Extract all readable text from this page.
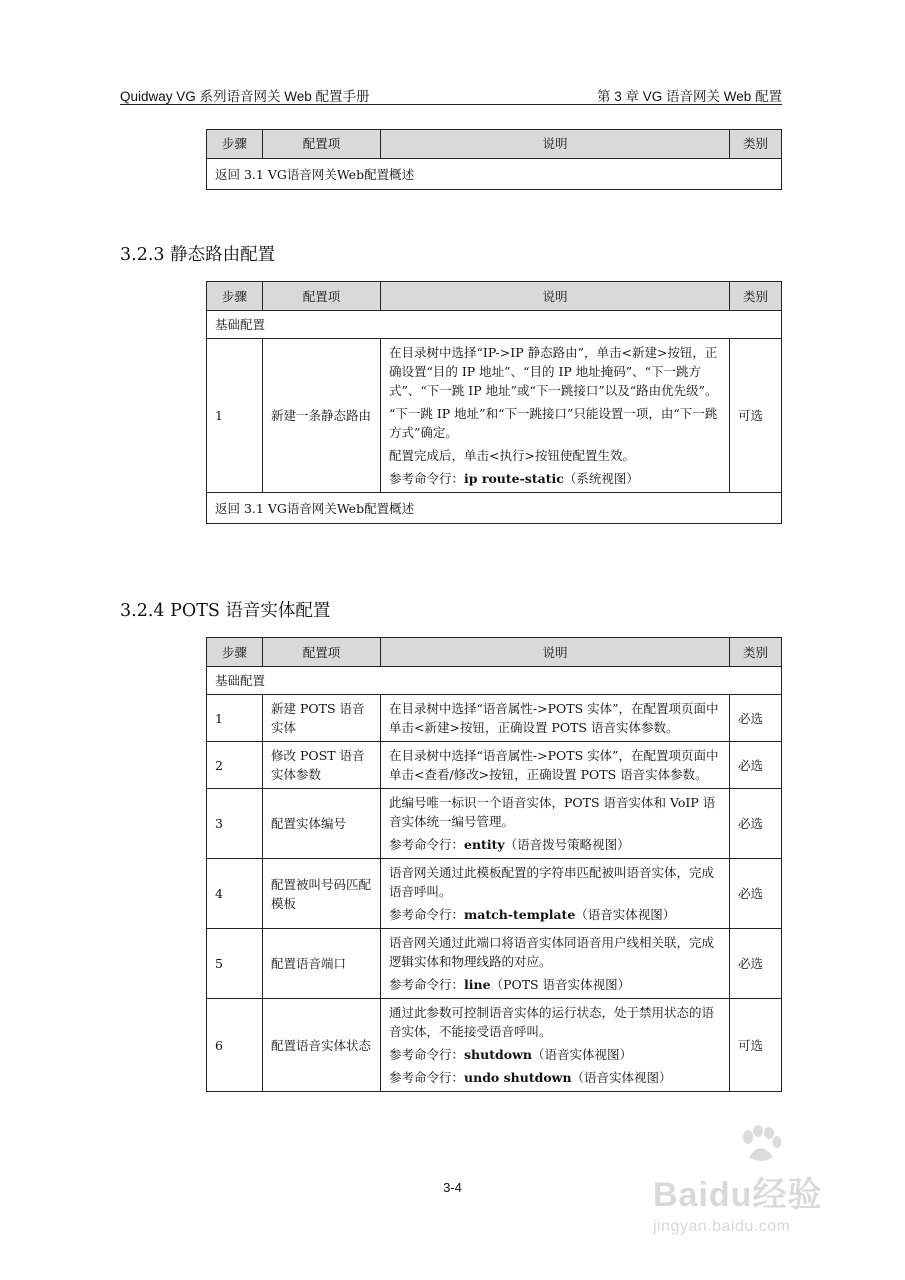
Quidway VG 系列语音网关 Web 配置手册	第 3 章 VG 语音网关 Web 配置
步骤	配置项	说明	类别
返回 3.1 VG语音网关Web配置概述
3.2.3 静态路由配置
步骤	配置项	说明	类别
基础配置			
1	新建一条静态路由	在目录树中选择“IP->IP 静态路由”，单击<新建>按钮，正确设置“目的 IP 地址”、“目的 IP 地址掩码”、“下一跳方式”、“下一跳 IP 地址”或“下一跳接口”以及“路由优先级”。

“下一跳 IP 地址”和“下一跳接口”只能设置一项，由“下一跳方式”确定。

配置完成后，单击<执行>按钮使配置生效。

参考命令行：ip route-static（系统视图）	可选
返回 3.1 VG语音网关Web配置概述			
3.2.4 POTS 语音实体配置
步骤	配置项	说明	类别
基础配置			
1	新建 POTS 语音实体	在目录树中选择“语音属性->POTS 实体”，在配置项页面中单击<新建>按钮，正确设置 POTS 语音实体参数。	必选
2	修改 POST 语音实体参数	在目录树中选择“语音属性->POTS 实体”，在配置项页面中单击<查看/修改>按钮，正确设置 POTS 语音实体参数。	必选
3	配置实体编号	此编号唯一标识一个语音实体，POTS 语音实体和 VoIP 语音实体统一编号管理。

参考命令行：entity（语音拨号策略视图）	必选
4	配置被叫号码匹配模板	语音网关通过此模板配置的字符串匹配被叫语音实体，完成语音呼叫。

参考命令行：match-template（语音实体视图）	必选
5	配置语音端口	语音网关通过此端口将语音实体同语音用户线相关联，完成逻辑实体和物理线路的对应。

参考命令行：line（POTS 语音实体视图）	必选
6	配置语音实体状态	通过此参数可控制语音实体的运行状态，处于禁用状态的语音实体，不能接受语音呼叫。

参考命令行：shutdown（语音实体视图）

参考命令行：undo shutdown（语音实体视图）	可选
3-4	Baidu经验
jingyan.baidu.com
